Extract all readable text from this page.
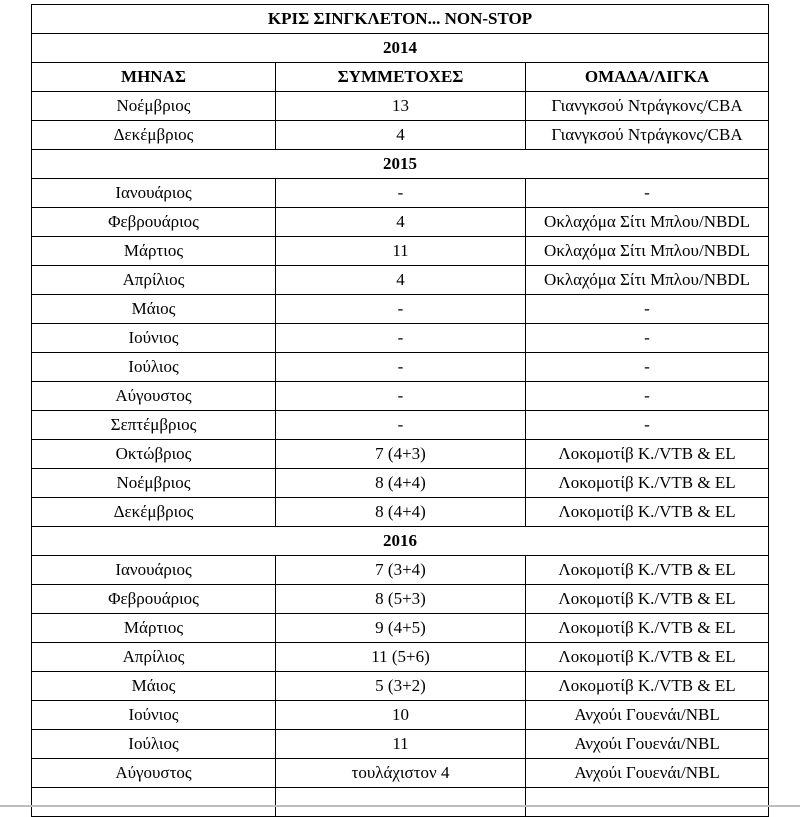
ΚΡΙΣ ΣΙΝΓΚΛΕΤΟΝ... NON-STOP		
2014		
ΜΗΝΑΣ	ΣΥΜΜΕΤΟΧΕΣ	ΟΜΑΔΑ/ΛΙΓΚΑ
Νοέμβριος	13	Γιανγκσού Ντράγκονς/CBA
Δεκέμβριος	4	Γιανγκσού Ντράγκονς/CBA
2015		
Ιανουάριος	-	-
Φεβρουάριος	4	Οκλαχόμα Σίτι Μπλου/NBDL
Μάρτιος	11	Οκλαχόμα Σίτι Μπλου/NBDL
Απρίλιος	4	Οκλαχόμα Σίτι Μπλου/NBDL
Μάιος	-	-
Ιούνιος	-	-
Ιούλιος	-	-
Αύγουστος	-	-
Σεπτέμβριος	-	-
Οκτώβριος	7 (4+3)	Λοκομοτίβ Κ./VTB & EL
Νοέμβριος	8 (4+4)	Λοκομοτίβ Κ./VTB & EL
Δεκέμβριος	8 (4+4)	Λοκομοτίβ Κ./VTB & EL
2016		
Ιανουάριος	7 (3+4)	Λοκομοτίβ Κ./VTB & EL
Φεβρουάριος	8 (5+3)	Λοκομοτίβ Κ./VTB & EL
Μάρτιος	9 (4+5)	Λοκομοτίβ Κ./VTB & EL
Απρίλιος	11 (5+6)	Λοκομοτίβ Κ./VTB & EL
Μάιος	5 (3+2)	Λοκομοτίβ Κ./VTB & EL
Ιούνιος	10	Ανχούι Γουενάι/NBL
Ιούλιος	11	Ανχούι Γουενάι/NBL
Αύγουστος	τουλάχιστον 4	Ανχούι Γουενάι/NBL
